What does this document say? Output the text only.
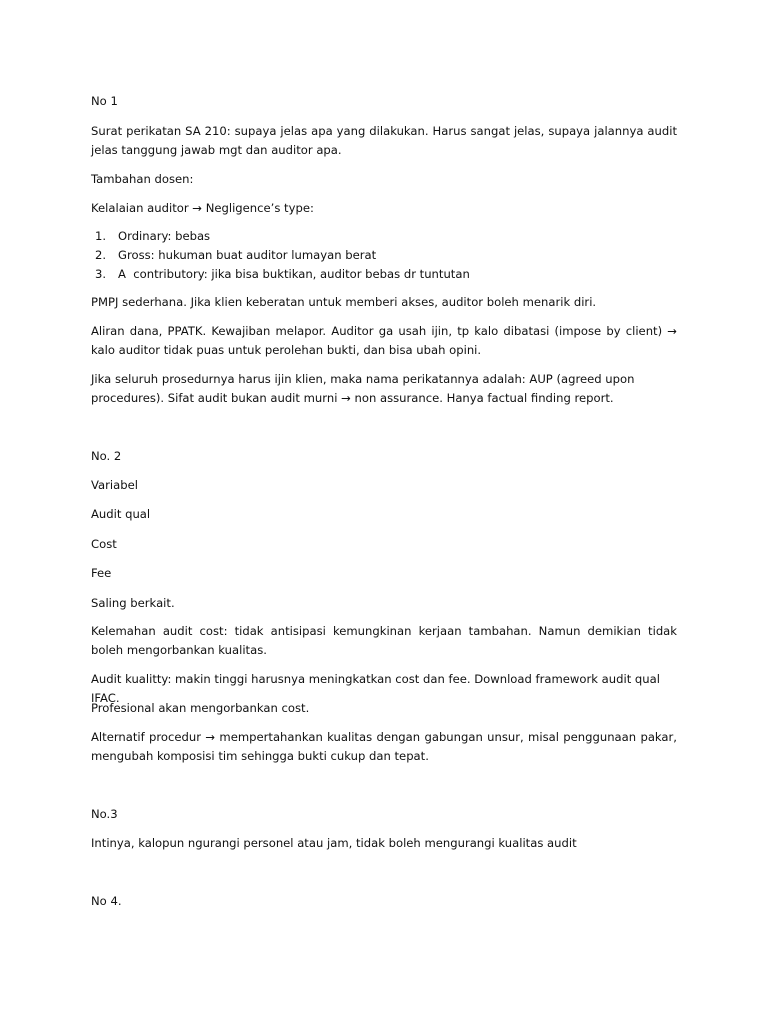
No 1

Surat perikatan SA 210: supaya jelas apa yang dilakukan. Harus sangat jelas, supaya jalannya audit jelas tanggung jawab mgt dan auditor apa.

Tambahan dosen:

Kelalaian auditor → Negligence’s type:

1. Ordinary: bebas
2. Gross: hukuman buat auditor lumayan berat
3. A  contributory: jika bisa buktikan, auditor bebas dr tuntutan

PMPJ sederhana. Jika klien keberatan untuk memberi akses, auditor boleh menarik diri.

Aliran dana, PPATK. Kewajiban melapor. Auditor ga usah ijin, tp kalo dibatasi (impose by client) → kalo auditor tidak puas untuk perolehan bukti, dan bisa ubah opini.

Jika seluruh prosedurnya harus ijin klien, maka nama perikatannya adalah: AUP (agreed upon procedures). Sifat audit bukan audit murni → non assurance. Hanya factual finding report.

No. 2

Variabel

Audit qual

Cost

Fee

Saling berkait.

Kelemahan audit cost: tidak antisipasi kemungkinan kerjaan tambahan. Namun demikian tidak boleh mengorbankan kualitas.

Audit kualitty: makin tinggi harusnya meningkatkan cost dan fee. Download framework audit qual IFAC.

Profesional akan mengorbankan cost.

Alternatif procedur → mempertahankan kualitas dengan gabungan unsur, misal penggunaan pakar, mengubah komposisi tim sehingga bukti cukup dan tepat.

No.3

Intinya, kalopun ngurangi personel atau jam, tidak boleh mengurangi kualitas audit

No 4.
